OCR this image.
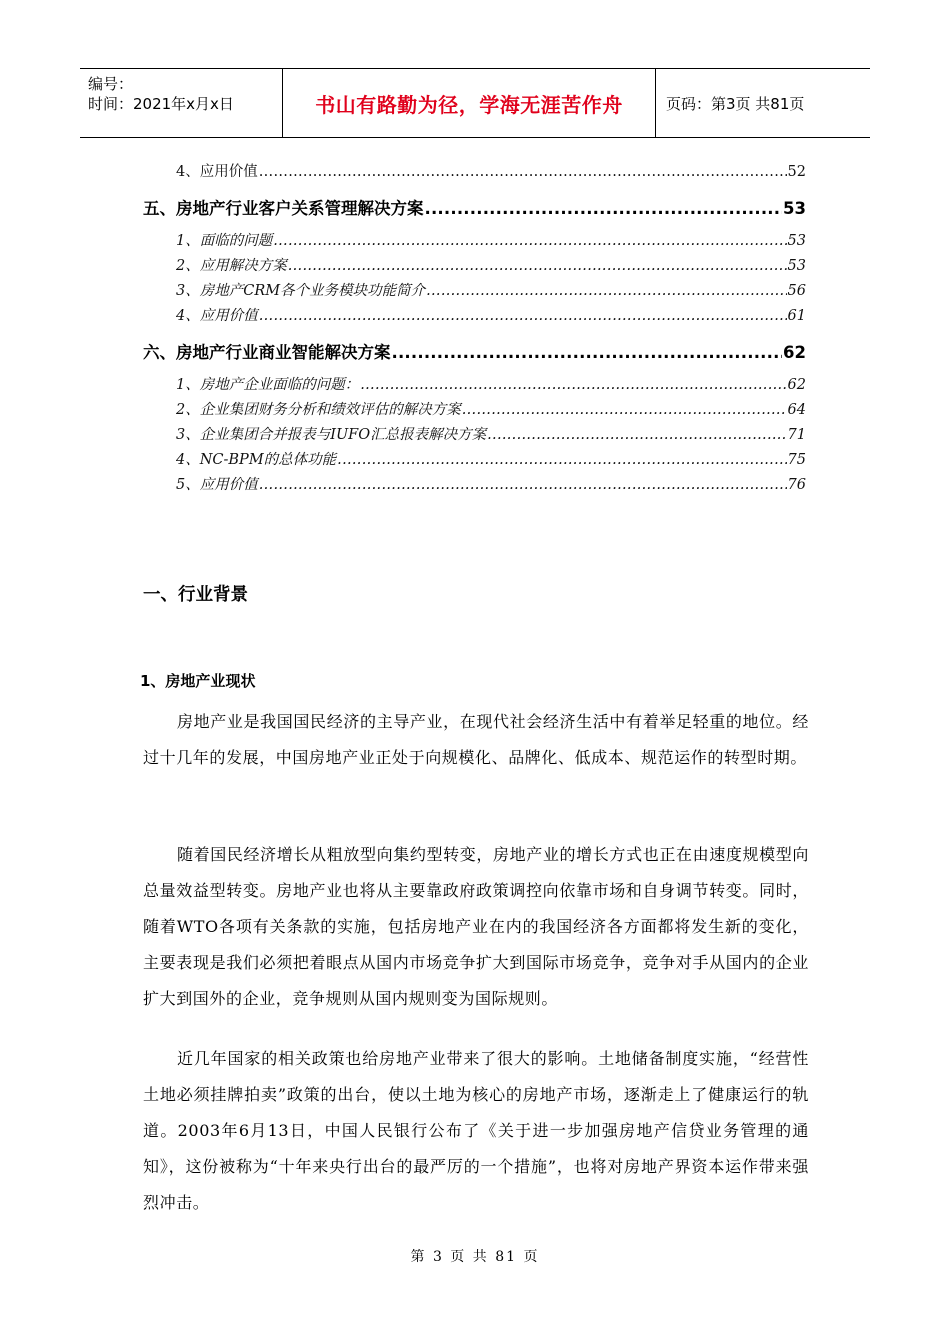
编号：
时间：2021年x月x日	书山有路勤为径，学海无涯苦作舟	页码：第3页 共81页
4、应用价值 .....	52
五、房地产行业客户关系管理解决方案 .....	53
1、面临的问题 .....	53
2、应用解决方案 .....	53
3、房地产CRM各个业务模块功能简介 .....	56
4、应用价值 .....	61
六、房地产行业商业智能解决方案 .....	62
1、房地产企业面临的问题： .....	62
2、企业集团财务分析和绩效评估的解决方案 .....	64
3、企业集团合并报表与IUFO汇总报表解决方案 .....	71
4、NC-BPM的总体功能 .....	75
5、应用价值 .....	76
一、行业背景
1、房地产业现状

房地产业是我国国民经济的主导产业，在现代社会经济生活中有着举足轻重的地位。经过十几年的发展，中国房地产业正处于向规模化、品牌化、低成本、规范运作的转型时期。

随着国民经济增长从粗放型向集约型转变，房地产业的增长方式也正在由速度规模型向总量效益型转变。房地产业也将从主要靠政府政策调控向依靠市场和自身调节转变。同时，随着WTO各项有关条款的实施，包括房地产业在内的我国经济各方面都将发生新的变化，主要表现是我们必须把着眼点从国内市场竞争扩大到国际市场竞争，竞争对手从国内的企业扩大到国外的企业，竞争规则从国内规则变为国际规则。

近几年国家的相关政策也给房地产业带来了很大的影响。土地储备制度实施，“经营性土地必须挂牌拍卖”政策的出台，使以土地为核心的房地产市场，逐渐走上了健康运行的轨道。2003年6月13日，中国人民银行公布了《关于进一步加强房地产信贷业务管理的通知》，这份被称为“十年来央行出台的最严厉的一个措施”，也将对房地产界资本运作带来强烈冲击。

第 3 页 共 81 页
